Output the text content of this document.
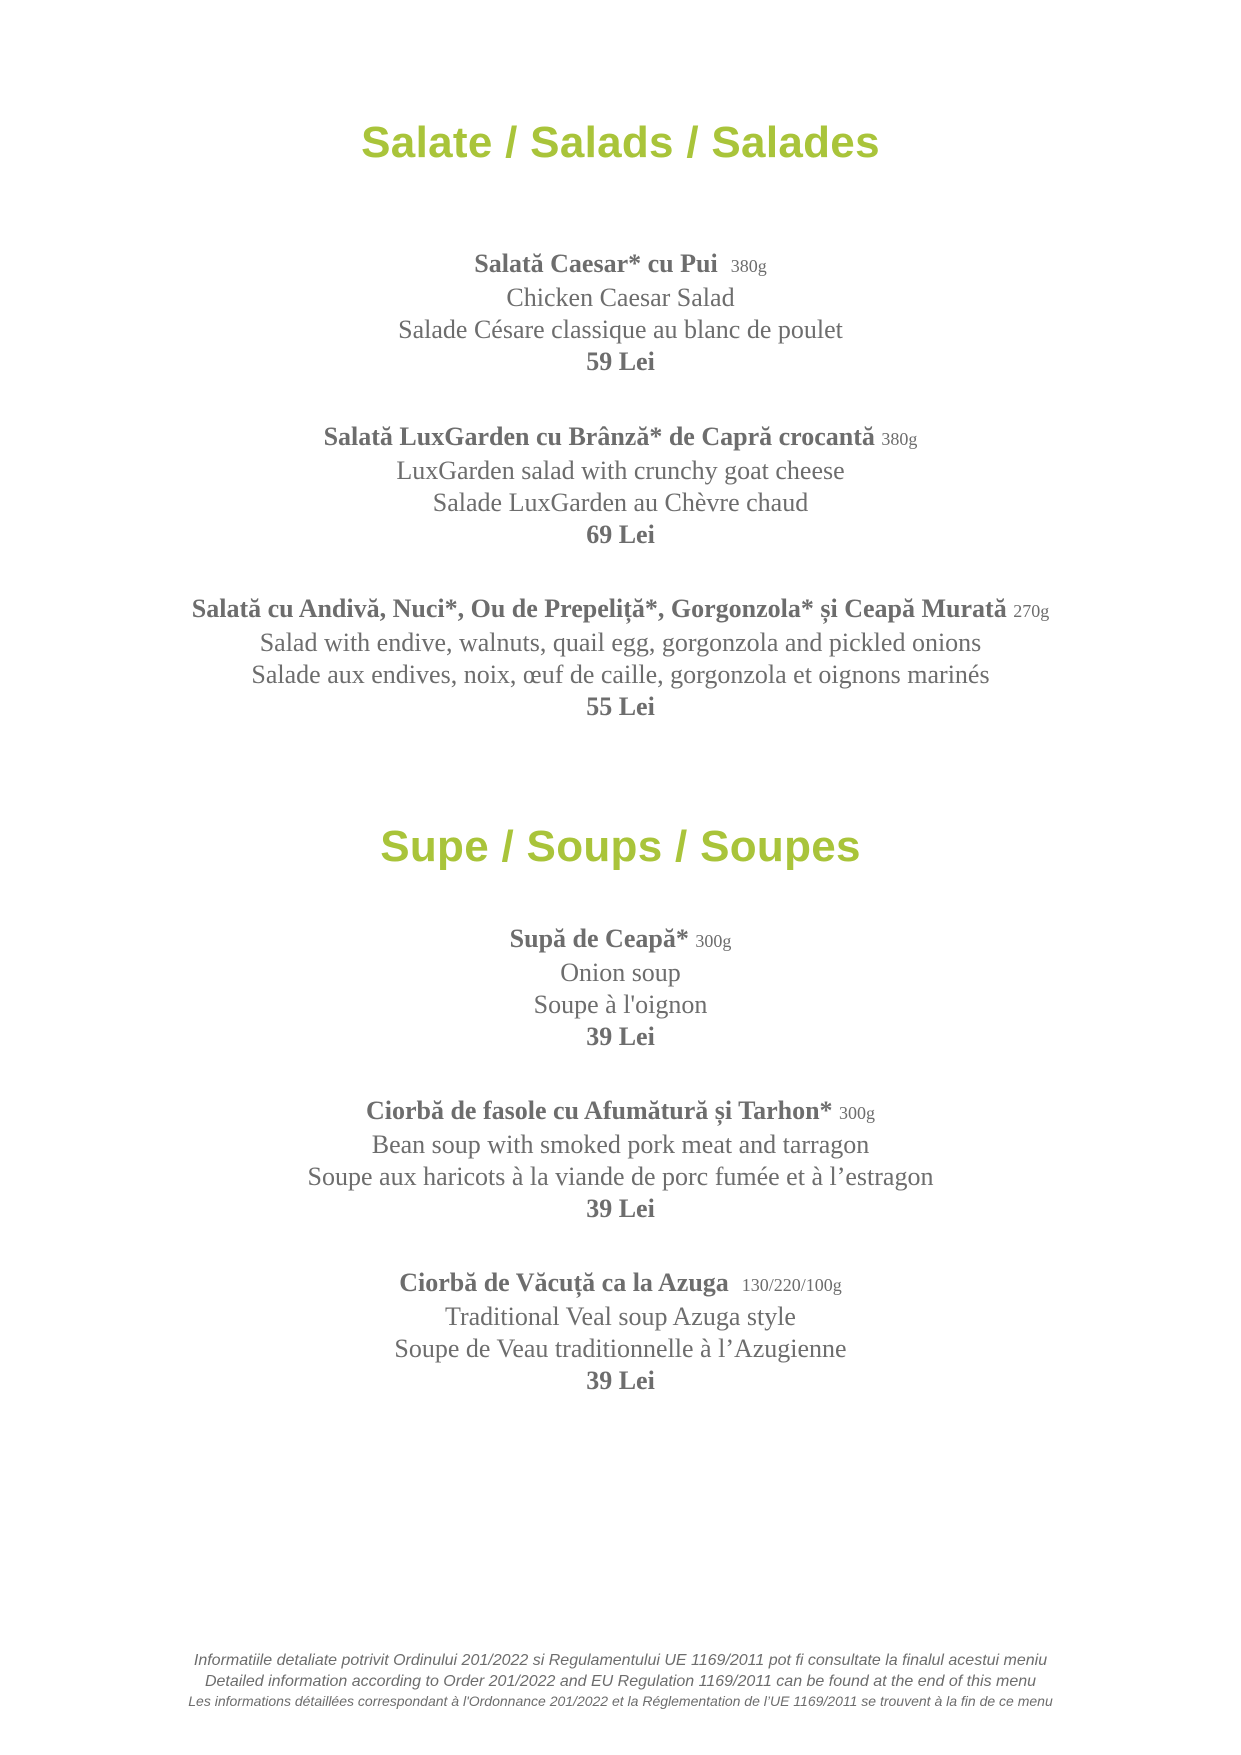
Salate / Salads / Salades
Salată Caesar* cu Pui 380g
Chicken Caesar Salad
Salade Césare classique au blanc de poulet
59 Lei
Salată LuxGarden cu Brânză* de Capră crocantă 380g
LuxGarden salad with crunchy goat cheese
Salade LuxGarden au Chèvre chaud
69 Lei
Salată cu Andivă, Nuci*, Ou de Prepeliță*, Gorgonzola* și Ceapă Murată 270g
Salad with endive, walnuts, quail egg, gorgonzola and pickled onions
Salade aux endives, noix, œuf de caille, gorgonzola et oignons marinés
55 Lei
Supe / Soups / Soupes
Supă de Ceapă* 300g
Onion soup
Soupe à l'oignon
39 Lei
Ciorbă de fasole cu Afumătură și Tarhon* 300g
Bean soup with smoked pork meat and tarragon
Soupe aux haricots à la viande de porc fumée et à l’estragon
39 Lei
Ciorbă de Văcuță ca la Azuga 130/220/100g
Traditional Veal soup Azuga style
Soupe de Veau traditionnelle à l’Azugienne
39 Lei
Informatiile detaliate potrivit Ordinului 201/2022 si Regulamentului UE 1169/2011 pot fi consultate la finalul acestui meniu
Detailed information according to Order 201/2022 and EU Regulation 1169/2011 can be found at the end of this menu
Les informations détaillées correspondant à l'Ordonnance 201/2022 et la Réglementation de l’UE 1169/2011 se trouvent à la fin de ce menu
